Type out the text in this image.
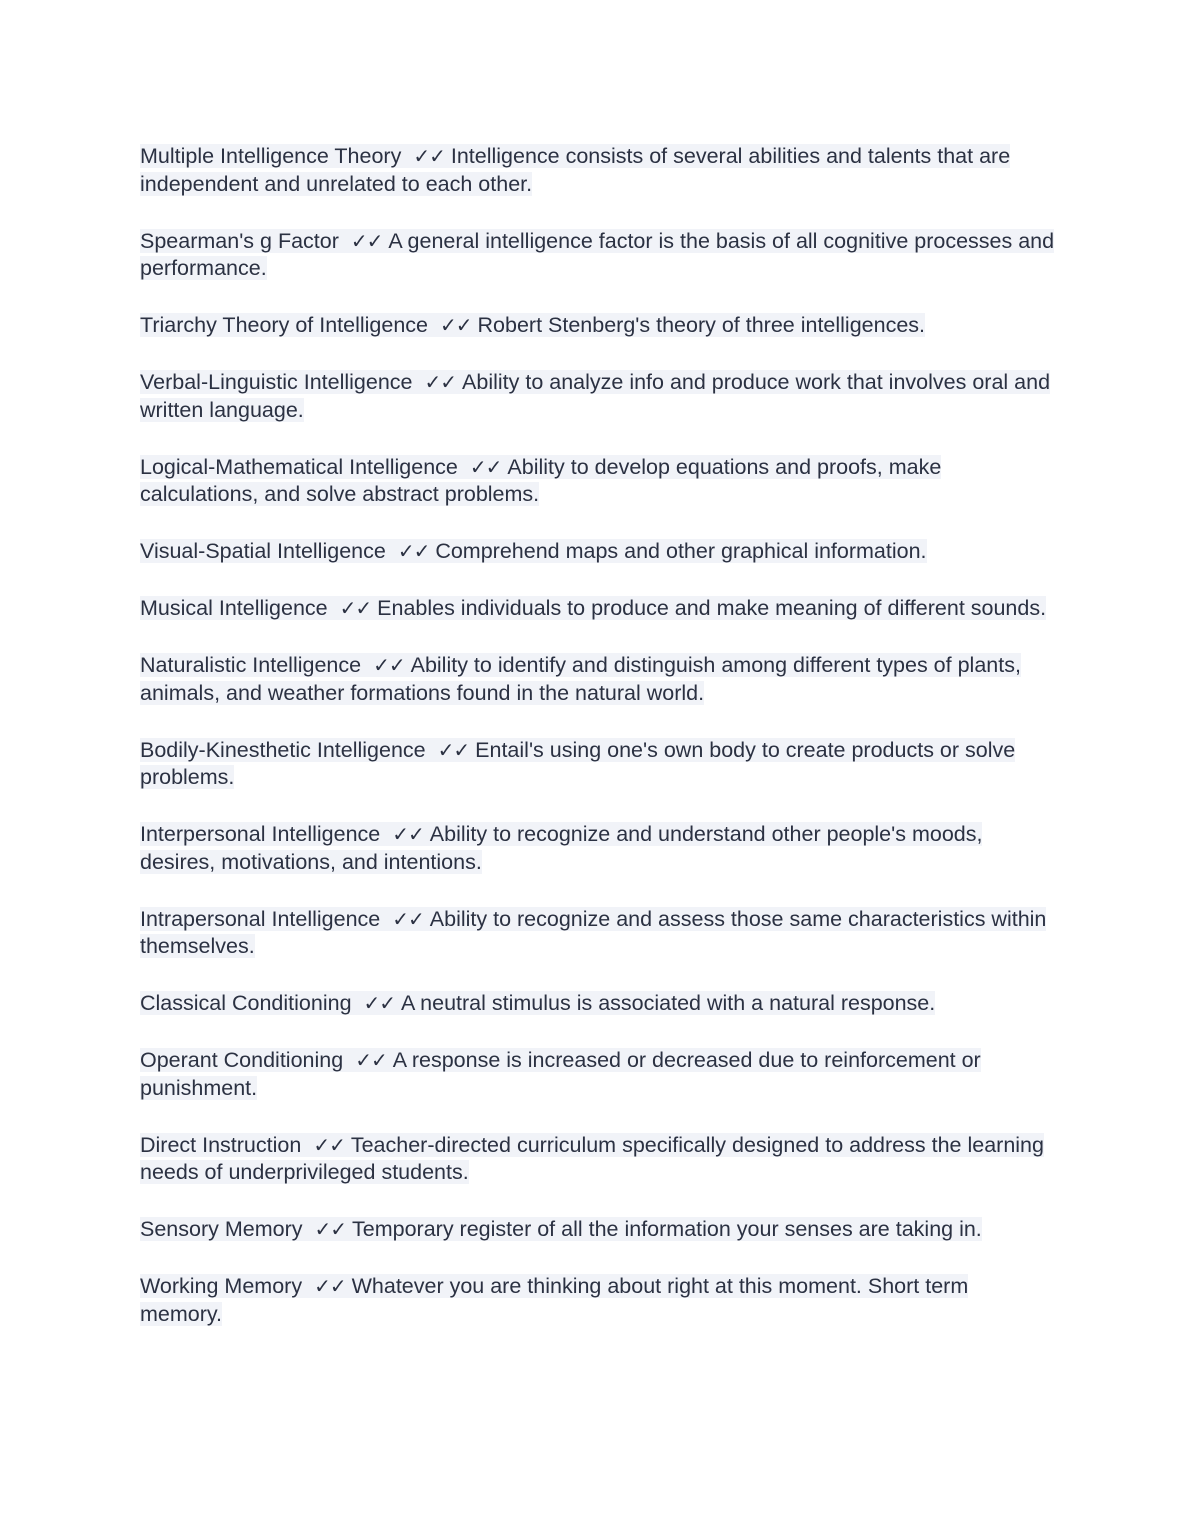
Multiple Intelligence Theory ✓✓ Intelligence consists of several abilities and talents that are independent and unrelated to each other.

Spearman's g Factor ✓✓ A general intelligence factor is the basis of all cognitive processes and performance.

Triarchy Theory of Intelligence ✓✓ Robert Stenberg's theory of three intelligences.

Verbal-Linguistic Intelligence ✓✓ Ability to analyze info and produce work that involves oral and written language.

Logical-Mathematical Intelligence ✓✓ Ability to develop equations and proofs, make calculations, and solve abstract problems.

Visual-Spatial Intelligence ✓✓ Comprehend maps and other graphical information.

Musical Intelligence ✓✓ Enables individuals to produce and make meaning of different sounds.

Naturalistic Intelligence ✓✓ Ability to identify and distinguish among different types of plants, animals, and weather formations found in the natural world.

Bodily-Kinesthetic Intelligence ✓✓ Entail's using one's own body to create products or solve problems.

Interpersonal Intelligence ✓✓ Ability to recognize and understand other people's moods, desires, motivations, and intentions.

Intrapersonal Intelligence ✓✓ Ability to recognize and assess those same characteristics within themselves.

Classical Conditioning ✓✓ A neutral stimulus is associated with a natural response.

Operant Conditioning ✓✓ A response is increased or decreased due to reinforcement or punishment.

Direct Instruction ✓✓ Teacher-directed curriculum specifically designed to address the learning needs of underprivileged students.

Sensory Memory ✓✓ Temporary register of all the information your senses are taking in.

Working Memory ✓✓ Whatever you are thinking about right at this moment. Short term memory.
